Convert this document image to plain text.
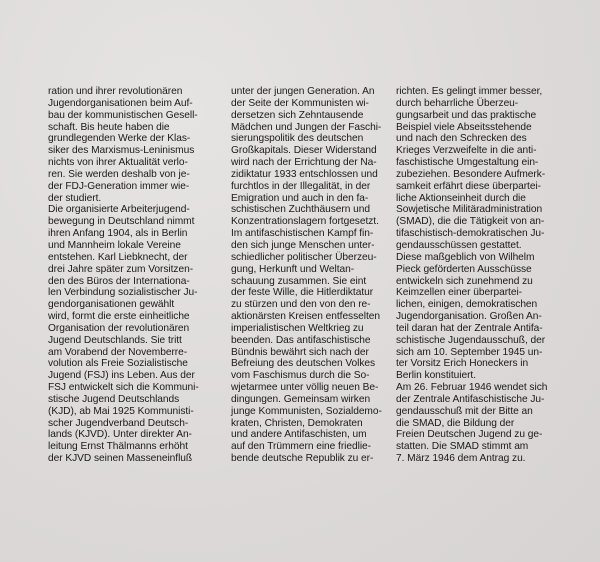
ration und ihrer revolutionären

Jugendorganisationen beim Auf-

bau der kommunistischen Gesell-

schaft. Bis heute haben die

grundlegenden Werke der Klas-

siker des Marxismus-Leninismus

nichts von ihrer Aktualität verlo-

ren. Sie werden deshalb von je-

der FDJ-Generation immer wie-

der studiert.

Die organisierte Arbeiterjugend-

bewegung in Deutschland nimmt

ihren Anfang 1904, als in Berlin

und Mannheim lokale Vereine

entstehen. Karl Liebknecht, der

drei Jahre später zum Vorsitzen-

den des Büros der Internationa-

len Verbindung sozialistischer Ju-

gendorganisationen gewählt

wird, formt die erste einheitliche

Organisation der revolutionären

Jugend Deutschlands. Sie tritt

am Vorabend der Novemberre-

volution als Freie Sozialistische

Jugend (FSJ) ins Leben. Aus der

FSJ entwickelt sich die Kommuni-

stische Jugend Deutschlands

(KJD), ab Mai 1925 Kommunisti-

scher Jugendverband Deutsch-

lands (KJVD). Unter direkter An-

leitung Ernst Thälmanns erhöht

der KJVD seinen Masseneinfluß

unter der jungen Generation. An

der Seite der Kommunisten wi-

dersetzen sich Zehntausende

Mädchen und Jungen der Faschi-

sierungspolitik des deutschen

Großkapitals. Dieser Widerstand

wird nach der Errichtung der Na-

zidiktatur 1933 entschlossen und

furchtlos in der Illegalität, in der

Emigration und auch in den fa-

schistischen Zuchthäusern und

Konzentrationslagern fortgesetzt.

Im antifaschistischen Kampf fin-

den sich junge Menschen unter-

schiedlicher politischer Überzeu-

gung, Herkunft und Weltan-

schauung zusammen. Sie eint

der feste Wille, die Hitlerdiktatur

zu stürzen und den von den re-

aktionärsten Kreisen entfesselten

imperialistischen Weltkrieg zu

beenden. Das antifaschistische

Bündnis bewährt sich nach der

Befreiung des deutschen Volkes

vom Faschismus durch die So-

wjetarmee unter völlig neuen Be-

dingungen. Gemeinsam wirken

junge Kommunisten, Sozialdemo-

kraten, Christen, Demokraten

und andere Antifaschisten, um

auf den Trümmern eine friedlie-

bende deutsche Republik zu er-

richten. Es gelingt immer besser,

durch beharrliche Überzeu-

gungsarbeit und das praktische

Beispiel viele Abseitsstehende

und nach den Schrecken des

Krieges Verzweifelte in die anti-

faschistische Umgestaltung ein-

zubeziehen. Besondere Aufmerk-

samkeit erfährt diese überpartei-

liche Aktionseinheit durch die

Sowjetische Militäradministration

(SMAD), die die Tätigkeit von an-

tifaschistisch-demokratischen Ju-

gendausschüssen gestattet.

Diese maßgeblich von Wilhelm

Pieck geförderten Ausschüsse

entwickeln sich zunehmend zu

Keimzellen einer überpartei-

lichen, einigen, demokratischen

Jugendorganisation. Großen An-

teil daran hat der Zentrale Antifa-

schistische Jugendausschuß, der

sich am 10. September 1945 un-

ter Vorsitz Erich Honeckers in

Berlin konstituiert.

Am 26. Februar 1946 wendet sich

der Zentrale Antifaschistische Ju-

gendausschuß mit der Bitte an

die SMAD, die Bildung der

Freien Deutschen Jugend zu ge-

statten. Die SMAD stimmt am

7. März 1946 dem Antrag zu.
